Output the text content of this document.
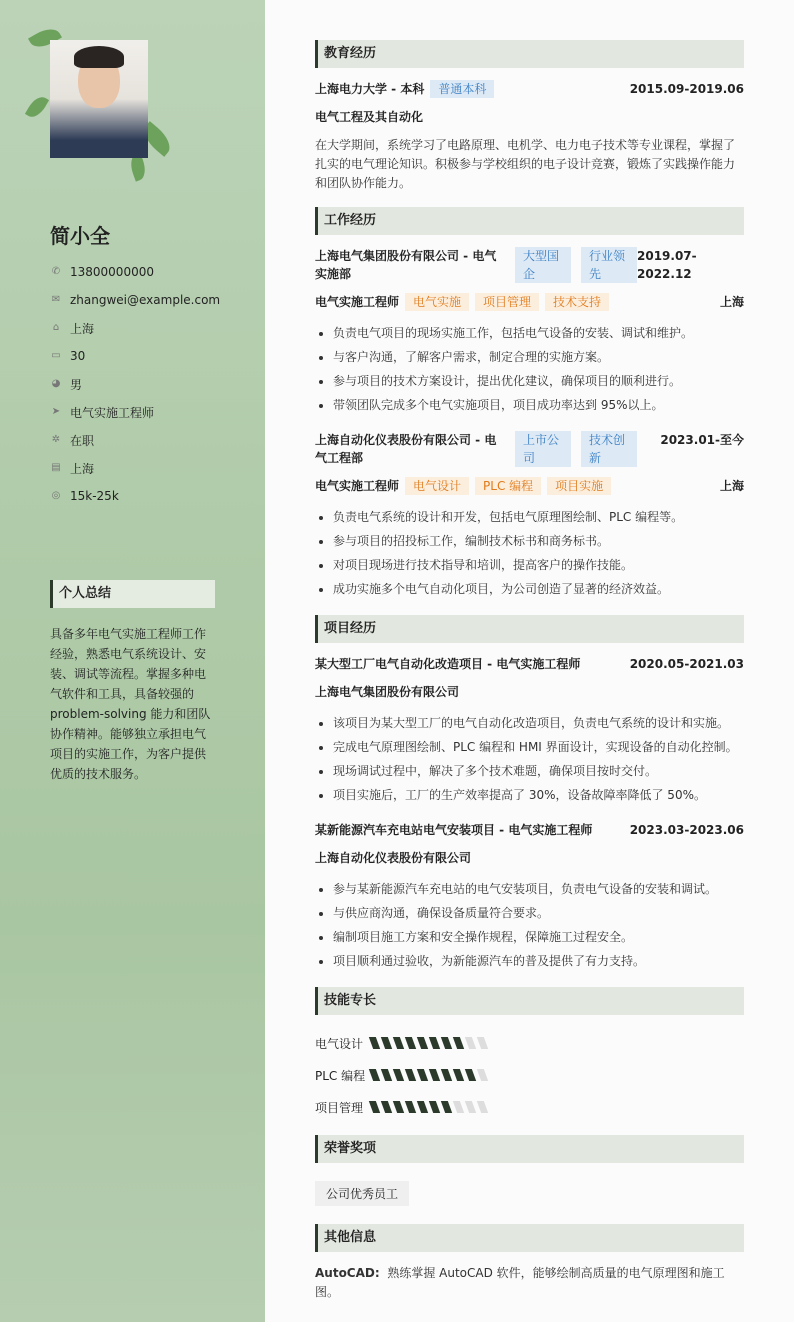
简小全
✆ 13800000000
✉ zhangwei@example.com
⌂ 上海
▭ 30
◕ 男
➤ 电气实施工程师
✲ 在职
▤ 上海
◎ 15k-25k
个人总结
具备多年电气实施工程师工作经验，熟悉电气系统设计、安装、调试等流程。掌握多种电气软件和工具，具备较强的problem-solving 能力和团队协作精神。能够独立承担电气项目的实施工作，为客户提供优质的技术服务。
教育经历
上海电力大学 - 本科 普通本科	2015.09-2019.06
电气工程及其自动化
在大学期间，系统学习了电路原理、电机学、电力电子技术等专业课程，掌握了扎实的电气理论知识。积极参与学校组织的电子设计竞赛，锻炼了实践操作能力和团队协作能力。
工作经历
上海电气集团股份有限公司 - 电气实施部
大型国企
行业领先
2019.07-2022.12
电气实施工程师 电气实施 项目管理 技术支持	上海
• 负责电气项目的现场实施工作，包括电气设备的安装、调试和维护。
• 与客户沟通，了解客户需求，制定合理的实施方案。
• 参与项目的技术方案设计，提出优化建议，确保项目的顺利进行。
• 带领团队完成多个电气实施项目，项目成功率达到 95%以上。
上海自动化仪表股份有限公司 - 电气工程部
上市公司
技术创新
2023.01-至今
电气实施工程师 电气设计 PLC 编程 项目实施	上海
• 负责电气系统的设计和开发，包括电气原理图绘制、PLC 编程等。
• 参与项目的招投标工作，编制技术标书和商务标书。
• 对项目现场进行技术指导和培训，提高客户的操作技能。
• 成功实施多个电气自动化项目，为公司创造了显著的经济效益。
项目经历
某大型工厂电气自动化改造项目 - 电气实施工程师	2020.05-2021.03
上海电气集团股份有限公司
• 该项目为某大型工厂的电气自动化改造项目，负责电气系统的设计和实施。
• 完成电气原理图绘制、PLC 编程和 HMI 界面设计，实现设备的自动化控制。
• 现场调试过程中，解决了多个技术难题，确保项目按时交付。
• 项目实施后，工厂的生产效率提高了 30%，设备故障率降低了 50%。
某新能源汽车充电站电气安装项目 - 电气实施工程师	2023.03-2023.06
上海自动化仪表股份有限公司
• 参与某新能源汽车充电站的电气安装项目，负责电气设备的安装和调试。
• 与供应商沟通，确保设备质量符合要求。
• 编制项目施工方案和安全操作规程，保障施工过程安全。
• 项目顺利通过验收，为新能源汽车的普及提供了有力支持。
技能专长
电气设计
PLC 编程
项目管理
荣誉奖项
公司优秀员工
其他信息
AutoCAD: 熟练掌握 AutoCAD 软件，能够绘制高质量的电气原理图和施工图。
